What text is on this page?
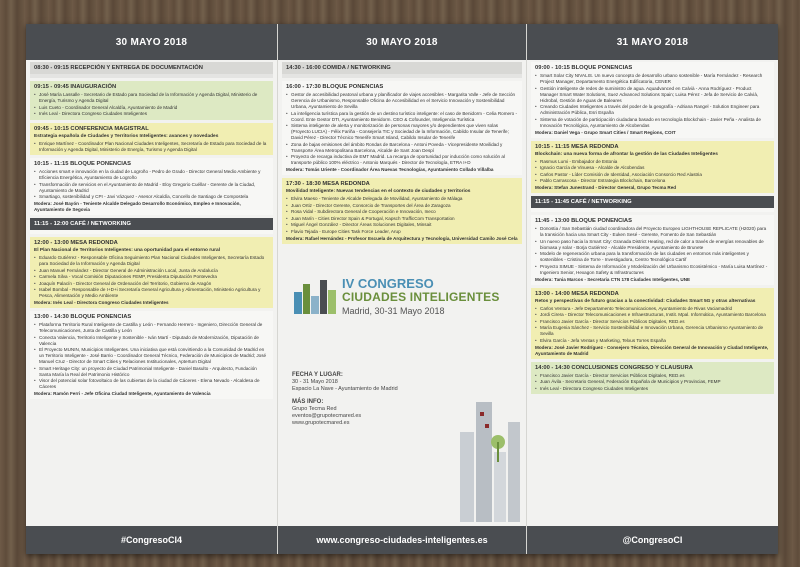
30 MAYO 2018
08:30 - 09:15 RECEPCIÓN Y ENTREGA DE DOCUMENTACIÓN
09:15 - 09:45 INAUGURACIÓN
• José María Lassalle - Secretario de Estado para Sociedad de la Información y Agenda Digital, Ministerio de Energía, Turismo y Agenda Digital
• Luis Cueto - Coordinador General Alcaldía, Ayuntamiento de Madrid
• Inés Leal - Directora Congreso Ciudades Inteligentes
09:45 - 10:15 CONFERENCIA MAGISTRAL
Estrategia española de Ciudades y Territorios Inteligentes: avances y novedades
• Enrique Martínez - Coordinador Plan Nacional Ciudades Inteligentes, Secretaría de Estado para Sociedad de la Información y Agenda Digital, Ministerio de Energía, Turismo y Agenda Digital
10:15 - 11:15 BLOQUE PONENCIAS
• Acciones smart e innovación en la ciudad de Logroño - Pedro de Grado - Director General Medio Ambiente y Eficiencia Energética, Ayuntamiento de Logroño
• Transformación de servicios en el Ayuntamiento de Madrid - Eloy Gregorio Cuéllar - Gerente de la Ciudad, Ayuntamiento de Madrid
• Smartiago, sostenibilidad y CPI - Javi Vázquez - Asesor Alcaldía, Concello de Santiago de Compostela
Modera: José Bayón - Teniente Alcalde Delegado Desarrollo Económico, Empleo e Innovación, Ayuntamiento de Segovia
11:15 - 12:00 CAFÉ / NETWORKING
12:00 - 13:00 MESA REDONDA
El Plan Nacional de Territorios Inteligentes: una oportunidad para el entorno rural
• Eduardo Gutiérrez - Responsable Oficina Seguimiento Plan Nacional Ciudades Inteligentes, Secretaría Estado para Sociedad de la Información y Agenda Digital
• Juan Manuel Fernández - Director General de Administración Local, Junta de Andalucía
• Carmela Silva - Vocal Comisión Diputaciones FEMP, Presidenta Diputación Pontevedra
• Joaquín Palacín - Director General de Ordenación del Territorio, Gobierno de Aragón
• Isabel Bombal - Responsable de I+D+i Secretaría General Agricultura y Alimentación, Ministerio Agricultura y Pesca, Alimentación y Medio Ambiente
Modera: Inés Leal - Directora Congreso Ciudades Inteligentes
13:00 - 14:30 BLOQUE PONENCIAS
• Plataforma Territorio Rural Inteligente de Castilla y León - Fernando Herrero - Ingeniero, Dirección General de Telecomunicaciones, Junta de Castilla y León
• Conecta Valencia, Territorio Inteligente y Sostenible - Iván Martí - Diputado de Modernización, Diputación de Valencia
• El Proyecto MUNIN, Municipios Inteligentes. Una iniciativa que está convirtiendo a la Comunidad de Madrid en un Territorio Inteligente - José Barrio - Coordinador General Técnico, Federación de Municipios de Madrid; José Manuel Cruz - Director de Smart Cities y Relaciones Institucionales, Aptertum Digital
• Smart Heritage City: un proyecto de Ciudad Patrimonial Inteligente - Daniel Basulto - Arquitecto, Fundación Santa María la Real del Patrimonio Histórico
• Visor del potencial solar fotovoltaico de las cubiertas de la ciudad de Cáceres - Elena Nevado - Alcaldesa de Cáceres
Modera: Ramón Ferri - Jefe Oficina Ciudad Inteligente, Ayuntamiento de Valencia
#CongresoCI4
30 MAYO 2018
14:30 - 16:00 COMIDA / NETWORKING
16:00 - 17:30 BLOQUE PONENCIAS
• Gestor de accesibilidad peatonal urbana y planificador de viajes accesibles - Margarita Valle - Jefe de Sección Gerencia de Urbanismo, Responsable Oficina de Accesibilidad en el Servicio Innovación y Sostenibilidad Urbana, Ayuntamiento de Sevilla
• La inteligencia turística para la gestión de un destino turístico inteligente: el caso de Benidorm - Celia Romero - Coord. Ente Gestor DTI, Ayuntamiento Benidorm. CEO & Cofounder, Inteligencia Turística
• Sistema inteligente de alerta y monitorización de personas mayores y/o dependientes que viven solas (Proyecto LUCIA) - Félix Fariña - Consejería TIC y Sociedad de la Información, Cabildo Insular de Tenerife; David Pérez - Director Técnico Tenerife Smart Island, Cabildo Insular de Tenerife
• Zona de bajas emisiones del ámbito Rondas de Barcelona - Antoni Poveda - Vicepresidente Movilidad y Transporte Área Metropolitana Barcelona, Alcalde de Sant Joan Despí
• Proyecto de recarga inductiva de EMT Madrid. La recarga de oportunidad por inducción como solución al transporte público 100% eléctrico - Antonio Marqués - Director de Tecnología, ETRA I+D
Modera: Tomás Uriente - Coordinador Área Nuevas Tecnologías, Ayuntamiento Collado Villalba
17:30 - 18:30 MESA REDONDA
Movilidad Inteligente: Nuevas tendencias en el contexto de ciudades y territorios
• Elvira Maeso - Teniente de Alcalde Delegada de Movilidad, Ayuntamiento de Málaga
• Juan Ortiz - Director Gerente, Consorcio de Transportes del Área de Zaragoza
• Rosa Vidal - Subdirectora General de Cooperación e Innovación, Ineco
• Juan Marín - Cities Director Spain & Portugal, Kapsch TrafficCom Transportation
• Miguel Ángel González - Director Áreas Soluciones Digitales, Minsait
• Flavio Tejada - Europe Cities Task Force Leader, Arup
Modera: Rafael Hernández - Profesor Escuela de Arquitectura y Tecnología, Universidad Camilo José Cela
IV CONGRESO
CIUDADES INTELIGENTES
Madrid, 30-31 Mayo 2018
FECHA Y LUGAR:
30 - 31 Mayo 2018
Espacio La Nave - Ayuntamiento de Madrid
MÁS INFO:
Grupo Tecma Red
eventos@grupotecmared.es
www.grupotecmared.es
www.congreso-ciudades-inteligentes.es
31 MAYO 2018
09:00 - 10:15 BLOQUE PONENCIAS
• Smart Solar City NIVALIS. Un nuevo concepto de desarrollo urbano sostenible - María Fernández - Research Project Manager, Departamento Energética Edificatoria, CENER
• Gestión inteligente de redes de suministro de agua. Aquadvanced en Calvià - Anna Rodríguez - Product Manager Smart Water Solutions, Suez Advanced Solutions Spain; Luisa Pérez - Jefa de Servicio de Calvià, Hidrobal, Gestión de Aguas de Baleares
• Creando Ciudades Inteligentes a través del poder de la geografía - Adriana Rangel - Solution Engineer para Administración Pública, Esri España
• Sistema de votación de participación ciudadana basado en tecnología Blockchain - Javier Peña - Analista de Innovación Tecnológica, Ayuntamiento de Alcobendas
Modera: Daniel Vega - Grupo Smart Cities / Smart Regions, COIT
10:15 - 11:15 MESA REDONDA
Blockchain: una nueva forma de afrontar la gestión de las Ciudades Inteligentes
• Rasmus Lumi - Embajador de Estonia
• Ignacio García de Vinuesa - Alcalde de Alcobendas
• Carlos Pastor - Líder Comisión de Identidad, Asociación Consorcio Red Alastria
• Pablo Carrascosa - Director Estrategia Blockchain, Barcelona
Modera: Stefan Junestrand - Director General, Grupo Tecma Red
11:15 - 11:45 CAFÉ / NETWORKING
11:45 - 13:00 BLOQUE PONENCIAS
• Donostia / San Sebastián ciudad coordinadora del Proyecto Europeo LIGHTHOUSE REPLICATE (H2020) para la transición hacia una Smart City - Euken Sesé - Gerente, Fomento de San Sebastián
• Un nuevo paso hacia la Smart City: Granada District Heating, red de calor a través de energías renovables de biomasa y solar - Borja Gutiérrez - Alcalde Presidente, Ayuntamiento de Brunete
• Modelo de regeneración urbana para la transformación de las ciudades en entornos más inteligentes y sostenibles - Cristina de Torre - Investigadora, Centro Tecnológico Cartif
• Proyecto SIMUE - Sistema de Información y Modelización del Urbanismo Ecosistémico - María Luisa Martínez - Ingeniero Senior, Hexagon Safety & Infrastructures
Modera: Tania Marcos - Secretaria CTN 178 Ciudades Inteligentes, UNE
13:00 - 14:00 MESA REDONDA
Retos y perspectivas de futuro gracias a la conectividad: Ciudades Smart 5G y otras alternativas
• Carlos Ventura - Jefe Departamento Telecomunicaciones, Ayuntamiento de Rivas Vaciamadrid
• Jordi Cirera - Director Telecomunicaciones e Infraestructuras, Instit. Mpal. Informática, Ayuntamiento Barcelona
• Francisco Javier García - Director Servicios Públicos Digitales, RED.es
• María Eugenia Sánchez - Servicio Sostenibilidad e Innovación Urbana, Gerencia Urbanismo Ayuntamiento de Sevilla
• Elvira García - Jefa Ventas y Marketing, Telxus Torres España
Modera: José Javier Rodríguez - Consejero Técnico, Dirección General de Innovación y Ciudad Inteligente, Ayuntamiento de Madrid
14:00 - 14:30 CONCLUSIONES CONGRESO Y CLAUSURA
• Francisco Javier García - Director Servicios Públicos Digitales, RED.es
• Juan Ávila - Secretario General, Federación Española de Municipios y Provincias, FEMP
• Inés Leal - Directora Congreso Ciudades Inteligentes
@CongresoCI
